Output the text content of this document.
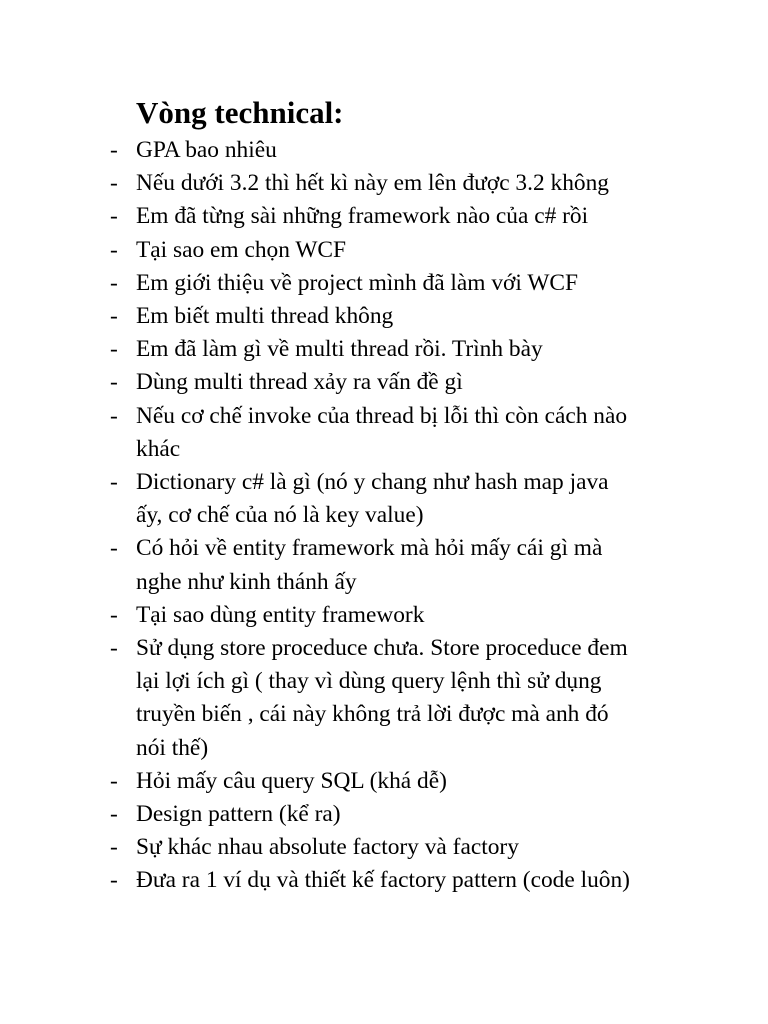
Vòng technical:
- GPA bao nhiêu
- Nếu dưới 3.2 thì hết kì này em lên được 3.2 không
- Em đã từng sài những framework nào của c# rồi
- Tại sao em chọn WCF
- Em giới thiệu về project mình đã làm với WCF
- Em biết multi thread không
- Em đã làm gì về multi thread rồi. Trình bày
- Dùng multi thread xảy ra vấn đề gì
- Nếu cơ chế invoke của thread bị lỗi thì còn cách nào
khác
- Dictionary c# là gì (nó y chang như hash map java
ấy, cơ chế của nó là key value)
- Có hỏi về entity framework mà hỏi mấy cái gì mà
nghe như kinh thánh ấy
- Tại sao dùng entity framework
- Sử dụng store proceduce chưa. Store proceduce đem
lại lợi ích gì ( thay vì dùng query lệnh thì sử dụng
truyền biến , cái này không trả lời được mà anh đó
nói thế)
- Hỏi mấy câu query SQL (khá dễ)
- Design pattern (kể ra)
- Sự khác nhau absolute factory và factory
- Đưa ra 1 ví dụ và thiết kế factory pattern (code luôn)
